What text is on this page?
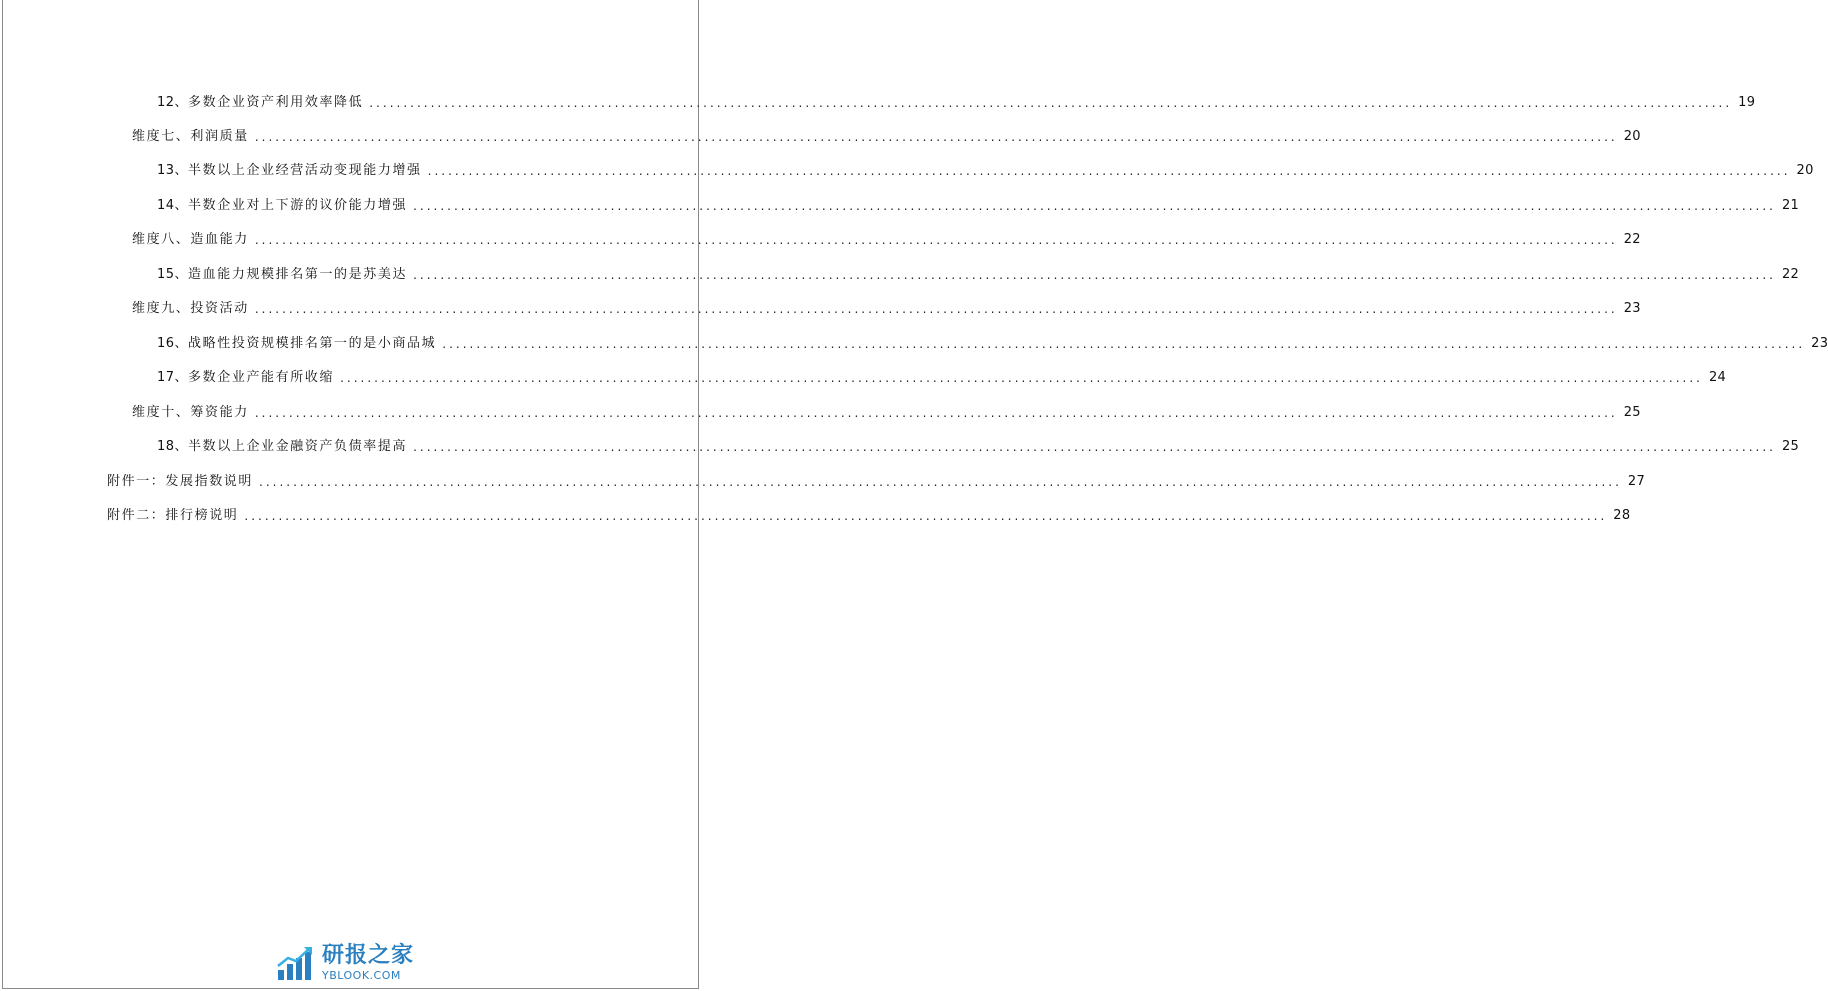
12、 多数企业资产利用效率降低 ........................................................................................................................................................................................................ 19
维度七、利润质量 ........................................................................................................................................................................................................ 20
13、 半数以上企业经营活动变现能力增强 ........................................................................................................................................................................................................ 20
14、 半数企业对上下游的议价能力增强 ........................................................................................................................................................................................................ 21
维度八、造血能力 ........................................................................................................................................................................................................ 22
15、 造血能力规模排名第一的是苏美达 ........................................................................................................................................................................................................ 22
维度九、投资活动 ........................................................................................................................................................................................................ 23
16、 战略性投资规模排名第一的是小商品城 ........................................................................................................................................................................................................ 23
17、 多数企业产能有所收缩 ........................................................................................................................................................................................................ 24
维度十、筹资能力 ........................................................................................................................................................................................................ 25
18、 半数以上企业金融资产负债率提高 ........................................................................................................................................................................................................ 25
附件一：发展指数说明 ........................................................................................................................................................................................................ 27
附件二：排行榜说明 ........................................................................................................................................................................................................ 28
研报之家
YBLOOK.COM
